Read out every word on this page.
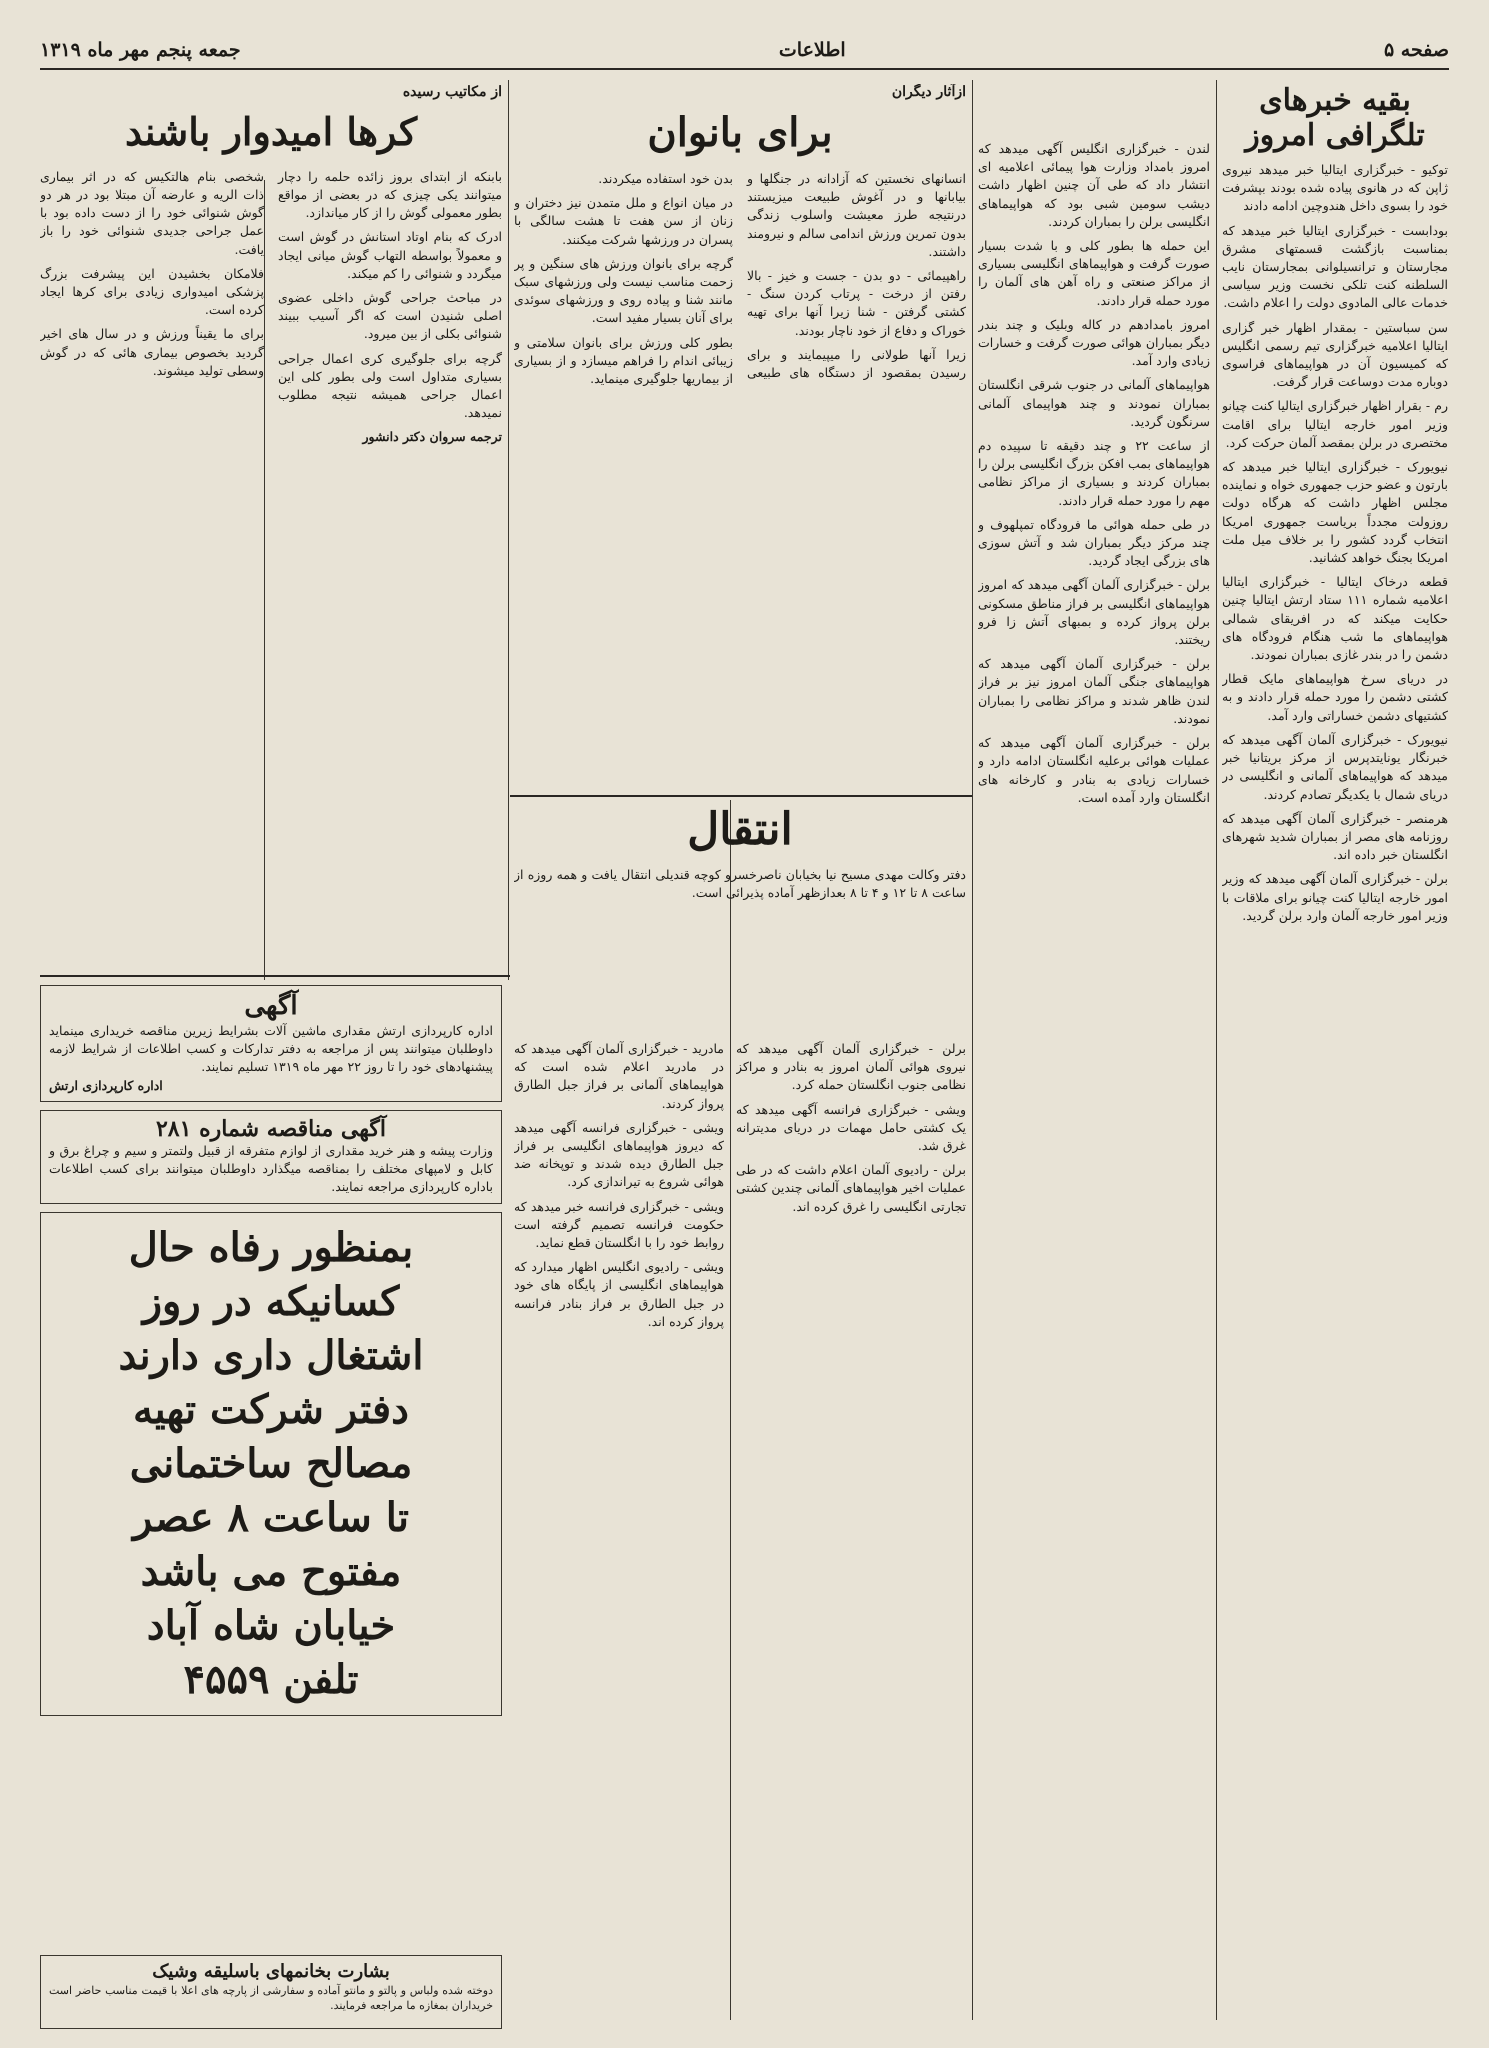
صفحه ۵
اطلاعات
جمعه پنجم مهر ماه ۱۳۱۹
بقیه خبرهای تلگرافی امروز

توکیو - خبرگزاری ایتالیا خبر میدهد نیروی ژاپن که در هانوی پیاده شده بودند بپشرفت خود را بسوی داخل هندوچین ادامه دادند

بودابست - خبرگزاری ایتالیا خبر میدهد که بمناسبت بازگشت قسمتهای مشرق مجارستان و ترانسیلوانی بمجارستان نایب السلطنه کنت تلکی نخست وزیر سیاسی خدمات عالی المادوی دولت را اعلام داشت.

سن سباستین - بمقدار اظهار خبر گزاری ایتالیا اعلامیه خبرگزاری تیم رسمی انگلیس که کمیسیون آن در هواپیماهای فراسوی دوباره مدت دوساعت قرار گرفت.

رم - بقرار اظهار خبرگزاری ایتالیا کنت چیانو وزیر امور خارجه ایتالیا برای اقامت مختصری در برلن بمقصد آلمان حرکت کرد.

نیویورک - خبرگزاری ایتالیا خبر میدهد که بارتون و عضو حزب جمهوری خواه و نماینده مجلس اظهار داشت که هرگاه دولت روزولت مجدداً بریاست جمهوری امریکا انتخاب گردد کشور را بر خلاف میل ملت امریکا بجنگ خواهد کشانید.

قطعه درخاک ایتالیا - خبرگزاری ایتالیا اعلامیه شماره ۱۱۱ ستاد ارتش ایتالیا چنین حکایت میکند که در افریقای شمالی هواپیماهای ما شب هنگام فرودگاه های دشمن را در بندر غازی بمباران نمودند.

در دریای سرخ هواپیماهای مایک قطار کشتی دشمن را مورد حمله قرار دادند و به کشتیهای دشمن خساراتی وارد آمد.

نیویورک - خبرگزاری آلمان آگهی میدهد که خبرنگار یونایتدپرس از مرکز بریتانیا خبر میدهد که هواپیماهای آلمانی و انگلیسی در دریای شمال با یکدیگر تصادم کردند.

هرمنصر - خبرگزاری آلمان آگهی میدهد که روزنامه های مصر از بمباران شدید شهرهای انگلستان خبر داده اند.

برلن - خبرگزاری آلمان آگهی میدهد که وزیر امور خارجه ایتالیا کنت چیانو برای ملاقات با وزیر امور خارجه آلمان وارد برلن گردید.

لندن - خبرگزاری انگلیس آگهی میدهد که امروز بامداد وزارت هوا پیمائی اعلامیه ای انتشار داد که طی آن چنین اظهار داشت دیشب سومین شبی بود که هواپیماهای انگلیسی برلن را بمباران کردند.

این حمله ها بطور کلی و با شدت بسیار صورت گرفت و هواپیماهای انگلیسی بسیاری از مراکز صنعتی و راه آهن های آلمان را مورد حمله قرار دادند.

امروز بامدادهم در کاله وبلیک و چند بندر دیگر بمباران هوائی صورت گرفت و خسارات زیادی وارد آمد.

هواپیماهای آلمانی در جنوب شرقی انگلستان بمباران نمودند و چند هواپیمای آلمانی سرنگون گردید.

از ساعت ۲۲ و چند دقیقه تا سپیده دم هواپیماهای بمب افکن بزرگ انگلیسی برلن را بمباران کردند و بسیاری از مراکز نظامی مهم را مورد حمله قرار دادند.

در طی حمله هوائی ما فرودگاه تمپلهوف و چند مرکز دیگر بمباران شد و آتش سوزی های بزرگی ایجاد گردید.

برلن - خبرگزاری آلمان آگهی میدهد که امروز هواپیماهای انگلیسی بر فراز مناطق مسکونی برلن پرواز کرده و بمبهای آتش زا فرو ریختند.

برلن - خبرگزاری آلمان آگهی میدهد که هواپیماهای جنگی آلمان امروز نیز بر فراز لندن ظاهر شدند و مراکز نظامی را بمباران نمودند.

برلن - خبرگزاری آلمان آگهی میدهد که عملیات هوائی برعلیه انگلستان ادامه دارد و خسارات زیادی به بنادر و کارخانه های انگلستان وارد آمده است.

ازآثار دیگران
برای بانوان

انسانهای نخستین که آزادانه در جنگلها و بیابانها و در آغوش طبیعت میزیستند درنتیجه طرز معیشت واسلوب زندگی بدون تمرین ورزش اندامی سالم و نیرومند داشتند.

راهپیمائی - دو بدن - جست و خیز - بالا رفتن از درخت - پرتاب کردن سنگ - کشتی گرفتن - شنا زیرا آنها برای تهیه خوراک و دفاع از خود ناچار بودند.

زیرا آنها طولانی را میپیمایند و برای رسیدن بمقصود از دستگاه های طبیعی بدن خود استفاده میکردند.

در میان انواع و ملل متمدن نیز دختران و زنان از سن هفت تا هشت سالگی با پسران در ورزشها شرکت میکنند.

گرچه برای بانوان ورزش های سنگین و پر زحمت مناسب نیست ولی ورزشهای سبک مانند شنا و پیاده روی و ورزشهای سوئدی برای آنان بسیار مفید است.

بطور کلی ورزش برای بانوان سلامتی و زیبائی اندام را فراهم میسازد و از بسیاری از بیماریها جلوگیری مینماید.

از مکاتیب رسیده
کرها امیدوار باشند

بابنکه از ابتدای بروز زائده حلمه را دچار میتوانند یکی چیزی که در بعضی از مواقع بطور معمولی گوش را از کار میاندازد.

ادرک که بنام اوتاد استانش در گوش است و معمولاً بواسطه التهاب گوش میانی ایجاد میگردد و شنوائی را کم میکند.

در مباحث جراحی گوش داخلی عضوی اصلی شنیدن است که اگر آسیب ببیند شنوائی بکلی از بین میرود.

گرچه برای جلوگیری کری اعمال جراحی بسیاری متداول است ولی بطور کلی این اعمال جراحی همیشه نتیجه مطلوب نمیدهد.

شخصی بنام هالتکیس که در اثر بیماری ذات الریه و عارضه آن مبتلا بود در هر دو گوش شنوائی خود را از دست داده بود با عمل جراحی جدیدی شنوائی خود را باز یافت.

فلامکان بخشیدن این پیشرفت بزرگ پزشکی امیدواری زیادی برای کرها ایجاد کرده است.

برای ما یقیناً ورزش و در سال های اخیر گردید بخصوص بیماری هائی که در گوش وسطی تولید میشوند.

ترجمه سروان دکتر دانشور
آگهی
اداره کارپردازی ارتش مقداری ماشین آلات بشرایط زیرین مناقصه خریداری مینماید داوطلبان میتوانند پس از مراجعه به دفتر تدارکات و کسب اطلاعات از شرایط لازمه پیشنهادهای خود را تا روز ۲۲ مهر ماه ۱۳۱۹ تسلیم نمایند.
اداره کارپردازی ارتش
آگهی مناقصه شماره ۲۸۱
وزارت پیشه و هنر خرید مقداری از لوازم متفرقه از قبیل ولتمتر و سیم و چراغ برق و کابل و لامپهای مختلف را بمناقصه میگذارد داوطلبان میتوانند برای کسب اطلاعات باداره کارپردازی مراجعه نمایند.
بمنظور رفاه حال
کسانیکه در روز
اشتغال داری دارند
دفتر شرکت تهیه
مصالح ساختمانی
تا ساعت ۸ عصر
مفتوح می باشد
خیابان شاه آباد
تلفن ۴۵۵۹
انتقال
دفتر وکالت مهدی مسیح نیا بخیابان ناصرخسرو کوچه قندیلی انتقال یافت و همه روزه از ساعت ۸ تا ۱۲ و ۴ تا ۸ بعدازظهر آماده پذیرائی است.

مادرید - خبرگزاری آلمان آگهی میدهد که در مادرید اعلام شده است که هواپیماهای آلمانی بر فراز جبل الطارق پرواز کردند.

ویشی - خبرگزاری فرانسه آگهی میدهد که دیروز هواپیماهای انگلیسی بر فراز جبل الطارق دیده شدند و توپخانه ضد هوائی شروع به تیراندازی کرد.

ویشی - خبرگزاری فرانسه خبر میدهد که حکومت فرانسه تصمیم گرفته است روابط خود را با انگلستان قطع نماید.

ویشی - رادیوی انگلیس اظهار میدارد که هواپیماهای انگلیسی از پایگاه های خود در جبل الطارق بر فراز بنادر فرانسه پرواز کرده اند.

برلن - خبرگزاری آلمان آگهی میدهد که نیروی هوائی آلمان امروز به بنادر و مراکز نظامی جنوب انگلستان حمله کرد.

ویشی - خبرگزاری فرانسه آگهی میدهد که یک کشتی حامل مهمات در دریای مدیترانه غرق شد.

برلن - رادیوی آلمان اعلام داشت که در طی عملیات اخیر هواپیماهای آلمانی چندین کشتی تجارتی انگلیسی را غرق کرده اند.

بشارت بخانمهای باسلیقه وشیک
دوخته شده ولباس و پالتو و مانتو آماده و سفارشی از پارچه های اعلا با قیمت مناسب حاضر است خریداران بمغازه ما مراجعه فرمایند.
